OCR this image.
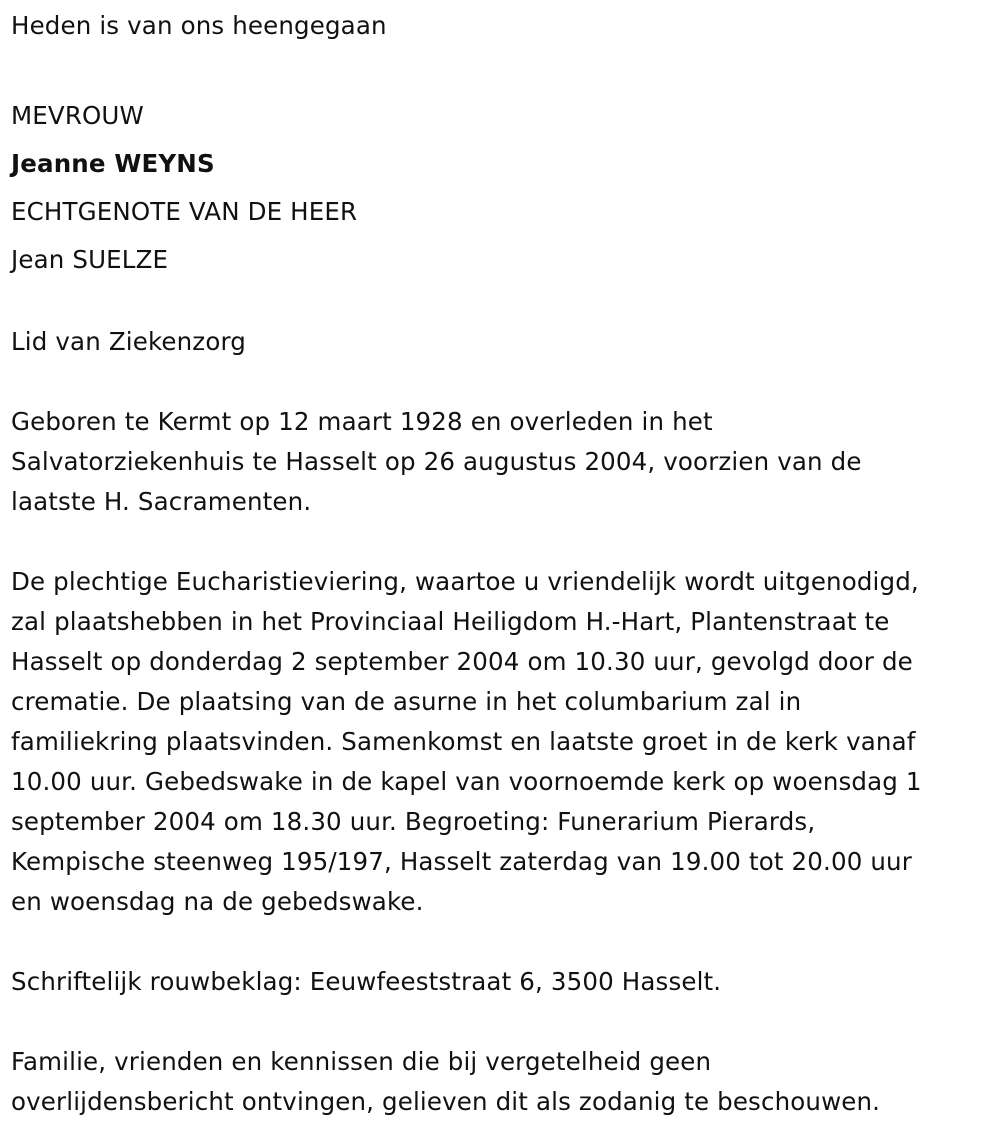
Heden is van ons heengegaan
MEVROUW
Jeanne WEYNS
ECHTGENOTE VAN DE HEER
Jean SUELZE
Lid van Ziekenzorg
Geboren te Kermt op 12 maart 1928 en overleden in het
Salvatorziekenhuis te Hasselt op 26 augustus 2004, voorzien van de
laatste H. Sacramenten.
De plechtige Eucharistieviering, waartoe u vriendelijk wordt uitgenodigd,
zal plaatshebben in het Provinciaal Heiligdom H.-Hart, Plantenstraat te
Hasselt op donderdag 2 september 2004 om 10.30 uur, gevolgd door de
crematie. De plaatsing van de asurne in het columbarium zal in
familiekring plaatsvinden. Samenkomst en laatste groet in de kerk vanaf
10.00 uur. Gebedswake in de kapel van voornoemde kerk op woensdag 1
september 2004 om 18.30 uur. Begroeting: Funerarium Pierards,
Kempische steenweg 195/197, Hasselt zaterdag van 19.00 tot 20.00 uur
en woensdag na de gebedswake.
Schriftelijk rouwbeklag: Eeuwfeeststraat 6, 3500 Hasselt.
Familie, vrienden en kennissen die bij vergetelheid geen
overlijdensbericht ontvingen, gelieven dit als zodanig te beschouwen.
